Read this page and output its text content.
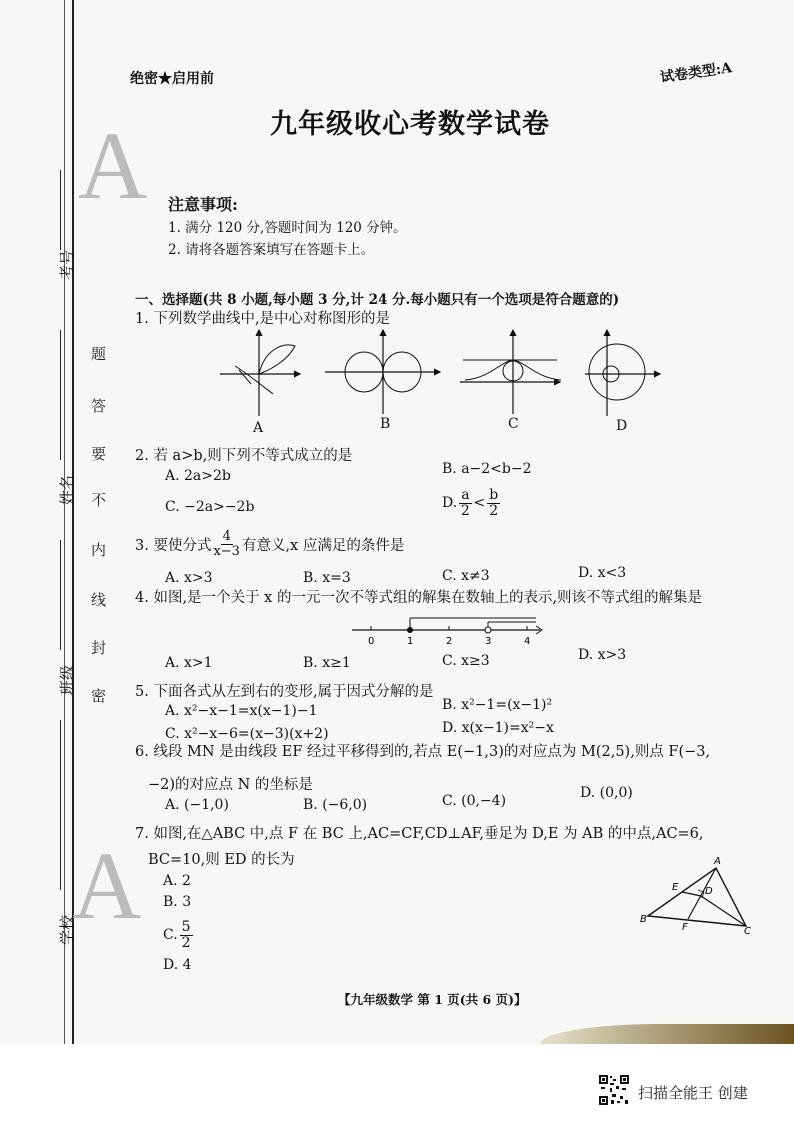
A
A
考号
姓名
班级
学校
题
答
要
不
内
线
封
密
绝密★启用前	试卷类型:A
九年级收心考数学试卷
注意事项:
1. 满分 120 分,答题时间为 120 分钟。
2. 请将各题答案填写在答题卡上。
一、选择题(共 8 小题,每小题 3 分,计 24 分.每小题只有一个选项是符合题意的)
1. 下列数学曲线中,是中心对称图形的是
A	B	C	D
2. 若 a>b,则下列不等式成立的是
A. 2a>2b	B. a−2<b−2
C. −2a>−2b	D. $\frac{a}{2} < \frac{b}{2}$
3. 要使分式 $\frac{4}{x-3}$ 有意义,x 应满足的条件是
A. x>3	B. x=3	C. x≠3	D. x<3
4. 如图,是一个关于 x 的一元一次不等式组的解集在数轴上的表示,则该不等式组的解集是
0	1	2	3	4
A. x>1	B. x≥1	C. x≥3	D. x>3
5. 下面各式从左到右的变形,属于因式分解的是
A. x²−x−1=x(x−1)−1	B. x²−1=(x−1)²
C. x²−x−6=(x−3)(x+2)	D. x(x−1)=x²−x
6. 线段 MN 是由线段 EF 经过平移得到的,若点 E(−1,3)的对应点为 M(2,5),则点 F(−3,
−2)的对应点 N 的坐标是
A. (−1,0)	B. (−6,0)	C. (0,−4)	D. (0,0)
7. 如图,在△ABC 中,点 F 在 BC 上,AC=CF,CD⊥AF,垂足为 D,E 为 AB 的中点,AC=6,
BC=10,则 ED 的长为
A. 2
B. 3
C. $\frac{5}{2}$
D. 4
A
E	D
B
F	C
【九年级数学 第 1 页(共 6 页)】
扫描全能王 创建
